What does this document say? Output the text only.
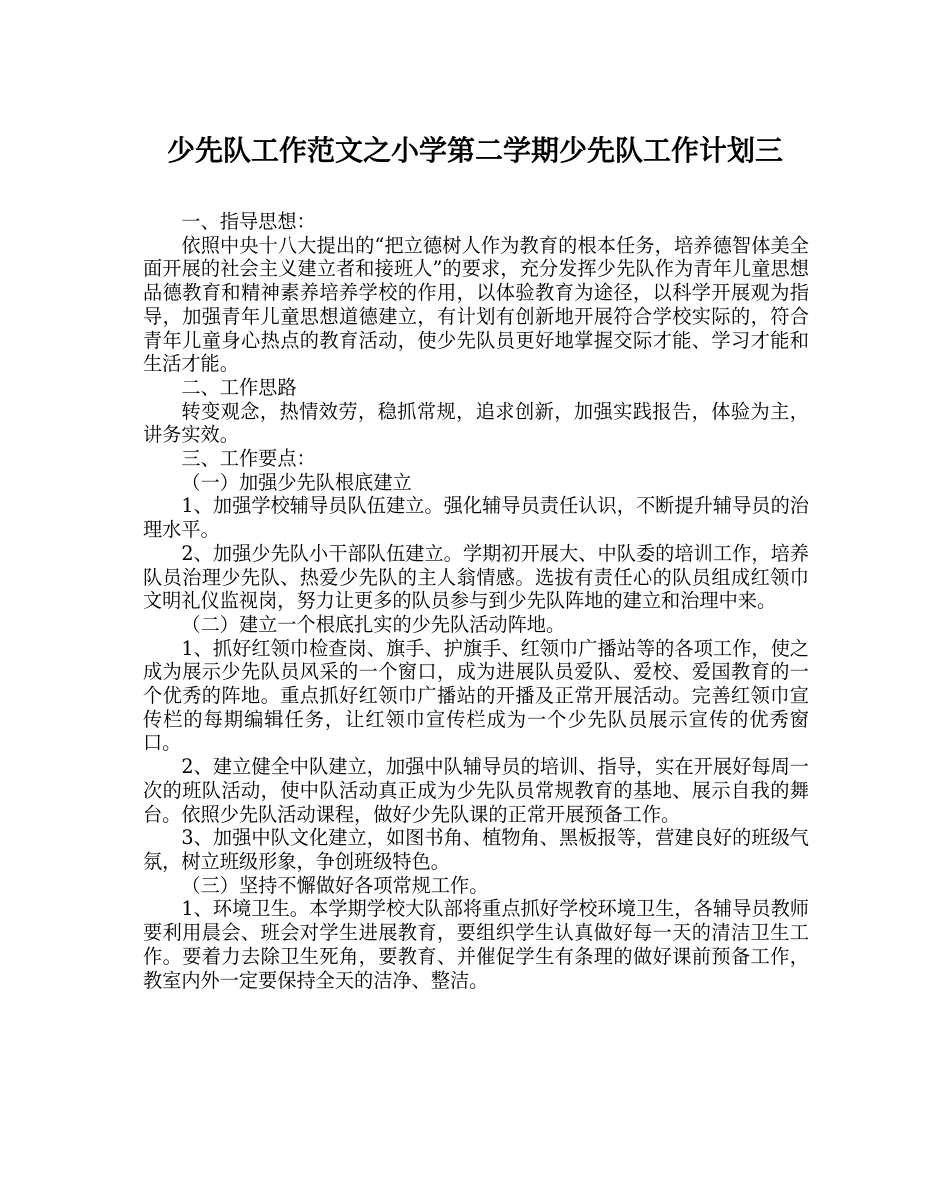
少先队工作范文之小学第二学期少先队工作计划三

一、指导思想：

依照中央十八大提出的“把立德树人作为教育的根本任务，培养德智体美全面开展的社会主义建立者和接班人”的要求，充分发挥少先队作为青年儿童思想品德教育和精神素养培养学校的作用，以体验教育为途径，以科学开展观为指导，加强青年儿童思想道德建立，有计划有创新地开展符合学校实际的，符合青年儿童身心热点的教育活动，使少先队员更好地掌握交际才能、学习才能和生活才能。

二、工作思路

转变观念，热情效劳，稳抓常规，追求创新，加强实践报告，体验为主，讲务实效。

三、工作要点：

（一）加强少先队根底建立

1、加强学校辅导员队伍建立。强化辅导员责任认识，不断提升辅导员的治理水平。

2、加强少先队小干部队伍建立。学期初开展大、中队委的培训工作，培养队员治理少先队、热爱少先队的主人翁情感。选拔有责任心的队员组成红领巾文明礼仪监视岗，努力让更多的队员参与到少先队阵地的建立和治理中来。

（二）建立一个根底扎实的少先队活动阵地。

1、抓好红领巾检查岗、旗手、护旗手、红领巾广播站等的各项工作，使之成为展示少先队员风采的一个窗口，成为进展队员爱队、爱校、爱国教育的一个优秀的阵地。重点抓好红领巾广播站的开播及正常开展活动。完善红领巾宣传栏的每期编辑任务，让红领巾宣传栏成为一个少先队员展示宣传的优秀窗口。

2、建立健全中队建立，加强中队辅导员的培训、指导，实在开展好每周一次的班队活动，使中队活动真正成为少先队员常规教育的基地、展示自我的舞台。依照少先队活动课程，做好少先队课的正常开展预备工作。

3、加强中队文化建立，如图书角、植物角、黑板报等，营建良好的班级气氛，树立班级形象，争创班级特色。

（三）坚持不懈做好各项常规工作。

1、环境卫生。本学期学校大队部将重点抓好学校环境卫生，各辅导员教师要利用晨会、班会对学生进展教育，要组织学生认真做好每一天的清洁卫生工作。要着力去除卫生死角，要教育、并催促学生有条理的做好课前预备工作，教室内外一定要保持全天的洁净、整洁。
